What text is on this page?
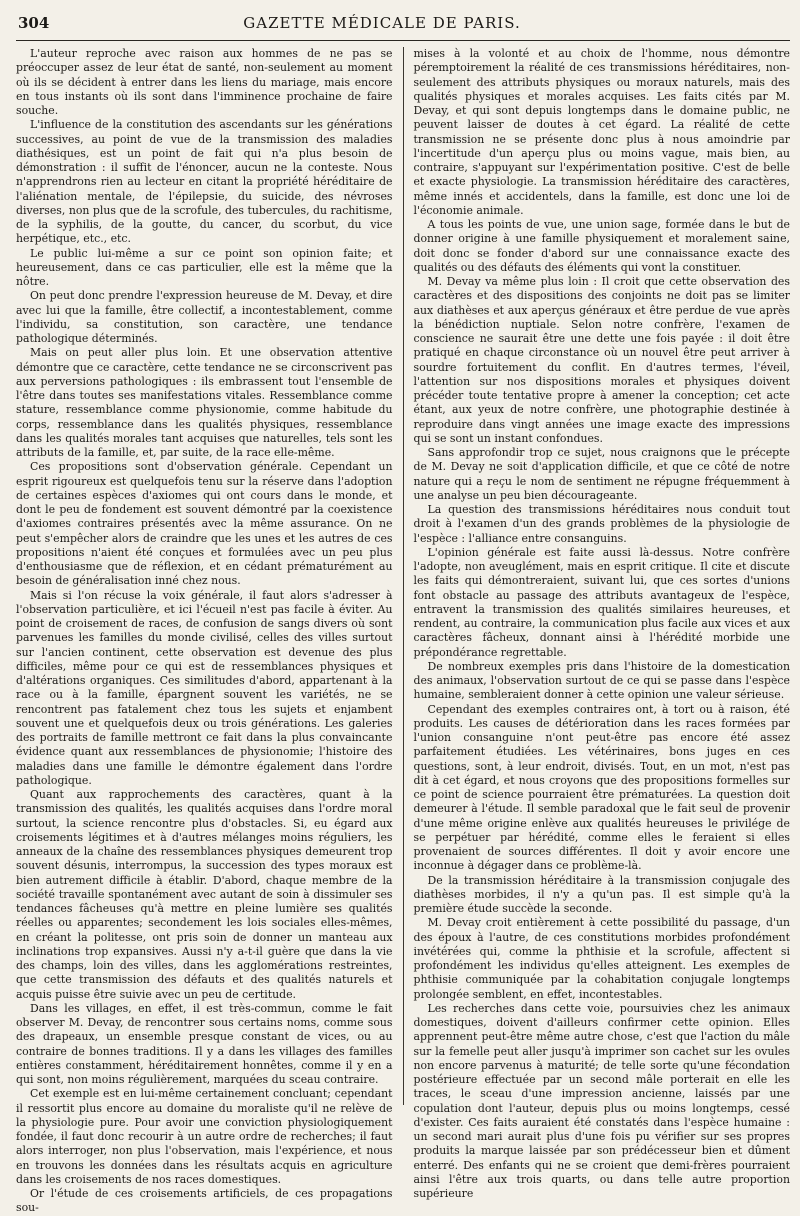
304	GAZETTE MÉDICALE DE PARIS.

L'auteur reproche avec raison aux hommes de ne pas se préoccuper assez de leur état de santé, non-seulement au moment où ils se décident à entrer dans les liens du mariage, mais encore en tous instants où ils sont dans l'imminence prochaine de faire souche.

L'influence de la constitution des ascendants sur les générations successives, au point de vue de la transmission des maladies diathésiques, est un point de fait qui n'a plus besoin de démonstration : il suffit de l'énoncer, aucun ne la conteste. Nous n'apprendrons rien au lecteur en citant la propriété héréditaire de l'aliénation mentale, de l'épilepsie, du suicide, des névroses diverses, non plus que de la scrofule, des tubercules, du rachitisme, de la syphilis, de la goutte, du cancer, du scorbut, du vice herpétique, etc., etc.

Le public lui-même a sur ce point son opinion faite; et heureusement, dans ce cas particulier, elle est la même que la nôtre.

On peut donc prendre l'expression heureuse de M. Devay, et dire avec lui que la famille, être collectif, a incontestablement, comme l'individu, sa constitution, son caractère, une tendance pathologique déterminés.

Mais on peut aller plus loin. Et une observation attentive démontre que ce caractère, cette tendance ne se circonscrivent pas aux perversions pathologiques : ils embrassent tout l'ensemble de l'être dans toutes ses manifestations vitales. Ressemblance comme stature, ressemblance comme physionomie, comme habitude du corps, ressemblance dans les qualités physiques, ressemblance dans les qualités morales tant acquises que naturelles, tels sont les attributs de la famille, et, par suite, de la race elle-même.

Ces propositions sont d'observation générale. Cependant un esprit rigoureux est quelquefois tenu sur la réserve dans l'adoption de certaines espèces d'axiomes qui ont cours dans le monde, et dont le peu de fondement est souvent démontré par la coexistence d'axiomes contraires présentés avec la même assurance. On ne peut s'empêcher alors de craindre que les unes et les autres de ces propositions n'aient été conçues et formulées avec un peu plus d'enthousiasme que de réflexion, et en cédant prématurément au besoin de généralisation inné chez nous.

Mais si l'on récuse la voix générale, il faut alors s'adresser à l'observation particulière, et ici l'écueil n'est pas facile à éviter. Au point de croisement de races, de confusion de sangs divers où sont parvenues les familles du monde civilisé, celles des villes surtout sur l'ancien continent, cette observation est devenue des plus difficiles, même pour ce qui est de ressemblances physiques et d'altérations organiques. Ces similitudes d'abord, appartenant à la race ou à la famille, épargnent souvent les variétés, ne se rencontrent pas fatalement chez tous les sujets et enjambent souvent une et quelquefois deux ou trois générations. Les galeries des portraits de famille mettront ce fait dans la plus convaincante évidence quant aux ressemblances de physionomie; l'histoire des maladies dans une famille le démontre également dans l'ordre pathologique.

Quant aux rapprochements des caractères, quant à la transmission des qualités, les qualités acquises dans l'ordre moral surtout, la science rencontre plus d'obstacles. Si, eu égard aux croisements légitimes et à d'autres mélanges moins réguliers, les anneaux de la chaîne des ressemblances physiques demeurent trop souvent désunis, interrompus, la succession des types moraux est bien autrement difficile à établir. D'abord, chaque membre de la société travaille spontanément avec autant de soin à dissimuler ses tendances fâcheuses qu'à mettre en pleine lumière ses qualités réelles ou apparentes; secondement les lois sociales elles-mêmes, en créant la politesse, ont pris soin de donner un manteau aux inclinations trop expansives. Aussi n'y a-t-il guère que dans la vie des champs, loin des villes, dans les agglomérations restreintes, que cette transmission des défauts et des qualités naturels et acquis puisse être suivie avec un peu de certitude.

Dans les villages, en effet, il est très-commun, comme le fait observer M. Devay, de rencontrer sous certains noms, comme sous des drapeaux, un ensemble presque constant de vices, ou au contraire de bonnes traditions. Il y a dans les villages des familles entières constamment, héréditairement honnêtes, comme il y en a qui sont, non moins régulièrement, marquées du sceau contraire.

Cet exemple est en lui-même certainement concluant; cependant il ressortit plus encore au domaine du moraliste qu'il ne relève de la physiologie pure. Pour avoir une conviction physiologiquement fondée, il faut donc recourir à un autre ordre de recherches; il faut alors interroger, non plus l'observation, mais l'expérience, et nous en trouvons les données dans les résultats acquis en agriculture dans les croisements de nos races domestiques.

Or l'étude de ces croisements artificiels, de ces propagations sou-

mises à la volonté et au choix de l'homme, nous démontre péremptoirement la réalité de ces transmissions héréditaires, non-seulement des attributs physiques ou moraux naturels, mais des qualités physiques et morales acquises. Les faits cités par M. Devay, et qui sont depuis longtemps dans le domaine public, ne peuvent laisser de doutes à cet égard. La réalité de cette transmission ne se présente donc plus à nous amoindrie par l'incertitude d'un aperçu plus ou moins vague, mais bien, au contraire, s'appuyant sur l'expérimentation positive. C'est de belle et exacte physiologie. La transmission héréditaire des caractères, même innés et accidentels, dans la famille, est donc une loi de l'économie animale.

A tous les points de vue, une union sage, formée dans le but de donner origine à une famille physiquement et moralement saine, doit donc se fonder d'abord sur une connaissance exacte des qualités ou des défauts des éléments qui vont la constituer.

M. Devay va même plus loin : Il croit que cette observation des caractères et des dispositions des conjoints ne doit pas se limiter aux diathèses et aux aperçus généraux et être perdue de vue après la bénédiction nuptiale. Selon notre confrère, l'examen de conscience ne saurait être une dette une fois payée : il doit être pratiqué en chaque circonstance où un nouvel être peut arriver à sourdre fortuitement du conflit. En d'autres termes, l'éveil, l'attention sur nos dispositions morales et physiques doivent précéder toute tentative propre à amener la conception; cet acte étant, aux yeux de notre confrère, une photographie destinée à reproduire dans vingt années une image exacte des impressions qui se sont un instant confondues.

Sans approfondir trop ce sujet, nous craignons que le précepte de M. Devay ne soit d'application difficile, et que ce côté de notre nature qui a reçu le nom de sentiment ne répugne fréquemment à une analyse un peu bien décourageante.

La question des transmissions héréditaires nous conduit tout droit à l'examen d'un des grands problèmes de la physiologie de l'espèce : l'alliance entre consanguins.

L'opinion générale est faite aussi là-dessus. Notre confrère l'adopte, non aveuglément, mais en esprit critique. Il cite et discute les faits qui démontreraient, suivant lui, que ces sortes d'unions font obstacle au passage des attributs avantageux de l'espèce, entravent la transmission des qualités similaires heureuses, et rendent, au contraire, la communication plus facile aux vices et aux caractères fâcheux, donnant ainsi à l'hérédité morbide une prépondérance regrettable.

De nombreux exemples pris dans l'histoire de la domestication des animaux, l'observation surtout de ce qui se passe dans l'espèce humaine, sembleraient donner à cette opinion une valeur sérieuse.

Cependant des exemples contraires ont, à tort ou à raison, été produits. Les causes de détérioration dans les races formées par l'union consanguine n'ont peut-être pas encore été assez parfaitement étudiées. Les vétérinaires, bons juges en ces questions, sont, à leur endroit, divisés. Tout, en un mot, n'est pas dit à cet égard, et nous croyons que des propositions formelles sur ce point de science pourraient être prématurées. La question doit demeurer à l'étude. Il semble paradoxal que le fait seul de provenir d'une même origine enlève aux qualités heureuses le privilége de se perpétuer par hérédité, comme elles le feraient si elles provenaient de sources différentes. Il doit y avoir encore une inconnue à dégager dans ce problème-là.

De la transmission héréditaire à la transmission conjugale des diathèses morbides, il n'y a qu'un pas. Il est simple qu'à la première étude succède la seconde.

M. Devay croit entièrement à cette possibilité du passage, d'un des époux à l'autre, de ces constitutions morbides profondément invétérées qui, comme la phthisie et la scrofule, affectent si profondément les individus qu'elles atteignent. Les exemples de phthisie communiquée par la cohabitation conjugale longtemps prolongée semblent, en effet, incontestables.

Les recherches dans cette voie, poursuivies chez les animaux domestiques, doivent d'ailleurs confirmer cette opinion. Elles apprennent peut-être même autre chose, c'est que l'action du mâle sur la femelle peut aller jusqu'à imprimer son cachet sur les ovules non encore parvenus à maturité; de telle sorte qu'une fécondation postérieure effectuée par un second mâle porterait en elle les traces, le sceau d'une impression ancienne, laissés par une copulation dont l'auteur, depuis plus ou moins longtemps, cessé d'exister. Ces faits auraient été constatés dans l'espèce humaine : un second mari aurait plus d'une fois pu vérifier sur ses propres produits la marque laissée par son prédécesseur bien et dûment enterré. Des enfants qui ne se croient que demi-frères pourraient ainsi l'être aux trois quarts, ou dans telle autre proportion supérieure
